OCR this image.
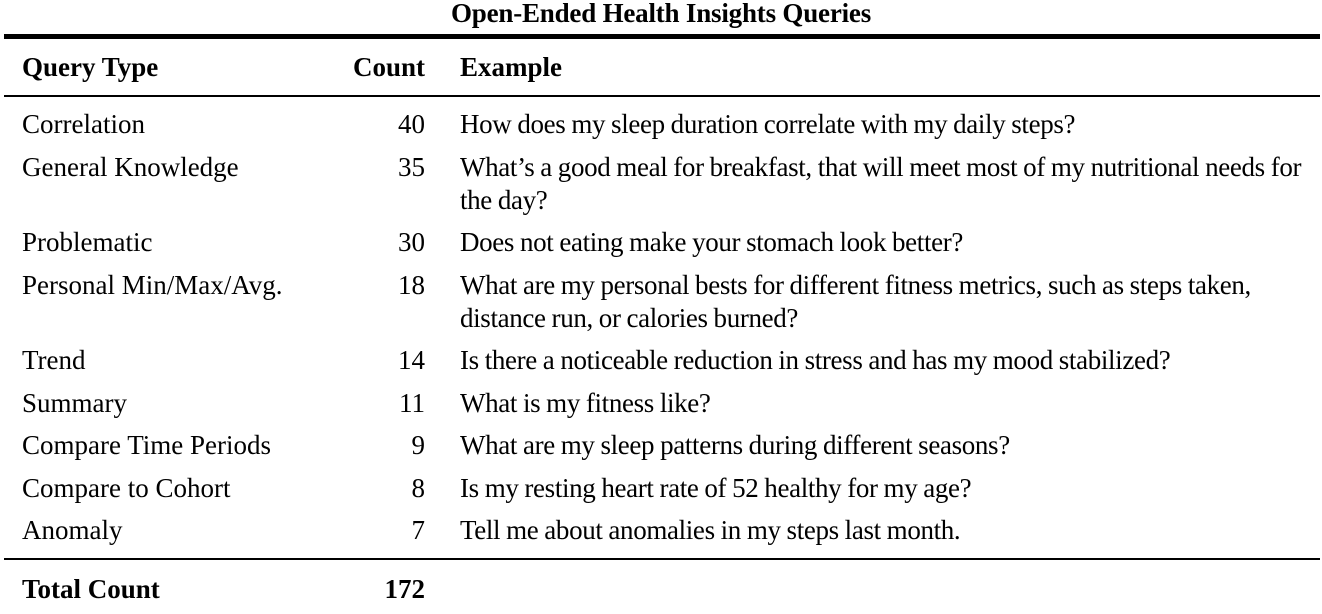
Open-Ended Health Insights Queries
Query Type	Count Example
Correlation	40 How does my sleep duration correlate with my daily steps?
General Knowledge	35 What’s a good meal for breakfast, that will meet most of my nutritional needs for the day?
Problematic	30 Does not eating make your stomach look better?
Personal Min/Max/Avg.	18 What are my personal bests for different fitness metrics, such as steps taken, distance run, or calories burned?
Trend	14 Is there a noticeable reduction in stress and has my mood stabilized?
Summary	11 What is my fitness like?
Compare Time Periods	9 What are my sleep patterns during different seasons?
Compare to Cohort	8 Is my resting heart rate of 52 healthy for my age?
Anomaly	7 Tell me about anomalies in my steps last month.
Total Count	172
